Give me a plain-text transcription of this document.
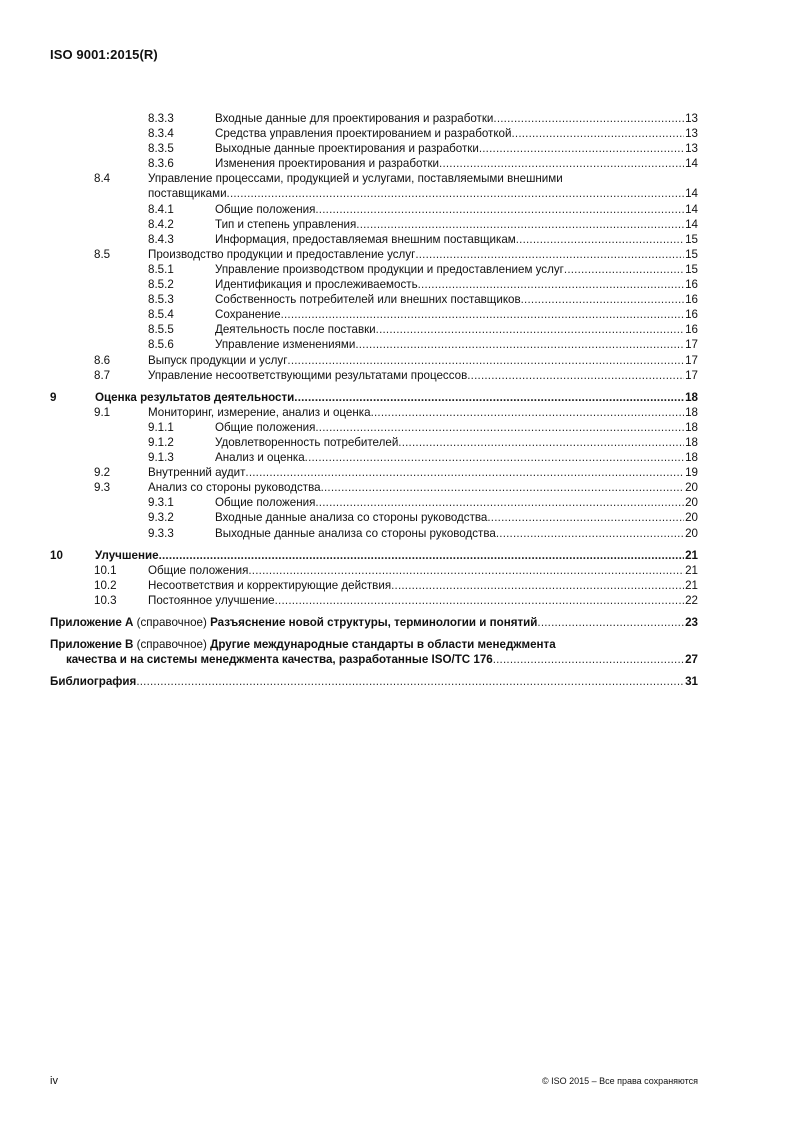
ISO 9001:2015(R)
8.3.3	Входные данные для проектирования и разработки .....	13
8.3.4	Средства управления проектированием и разработкой .....	13
8.3.5	Выходные данные проектирования и разработки .....	13
8.3.6	Изменения проектирования и разработки .....	14
8.4	Управление процессами, продукцией и услугами, поставляемыми внешними
поставщиками .....	14
8.4.1	Общие положения .....	14
8.4.2	Тип и степень управления .....	14
8.4.3	Информация, предоставляемая внешним поставщикам .....	15
8.5	Производство продукции и предоставление услуг .....	15
8.5.1	Управление производством продукции и предоставлением услуг .....	15
8.5.2	Идентификация и прослеживаемость .....	16
8.5.3	Собственность потребителей или внешних поставщиков .....	16
8.5.4	Сохранение .....	16
8.5.5	Деятельность после поставки .....	16
8.5.6	Управление изменениями .....	17
8.6	Выпуск продукции и услуг .....	17
8.7	Управление несоответствующими результатами процессов .....	17
9	Оценка результатов деятельности .....	18
9.1	Мониторинг, измерение, анализ и оценка .....	18
9.1.1	Общие положения .....	18
9.1.2	Удовлетворенность потребителей .....	18
9.1.3	Анализ и оценка .....	18
9.2	Внутренний аудит .....	19
9.3	Анализ со стороны руководства .....	20
9.3.1	Общие положения .....	20
9.3.2	Входные данные анализа со стороны руководства .....	20
9.3.3	Выходные данные анализа со стороны руководства .....	20
10	Улучшение .....	21
10.1	Общие положения .....	21
10.2	Несоответствия и корректирующие действия .....	21
10.3	Постоянное улучшение .....	22
Приложение A (справочное) Разъяснение новой структуры, терминологии и понятий .....	23
Приложение B (справочное) Другие международные стандарты в области менеджмента
качества и на системы менеджмента качества, разработанные ISO/TC 176 .....	27
Библиография .....	31
iv	© ISO 2015 – Все права сохраняются
